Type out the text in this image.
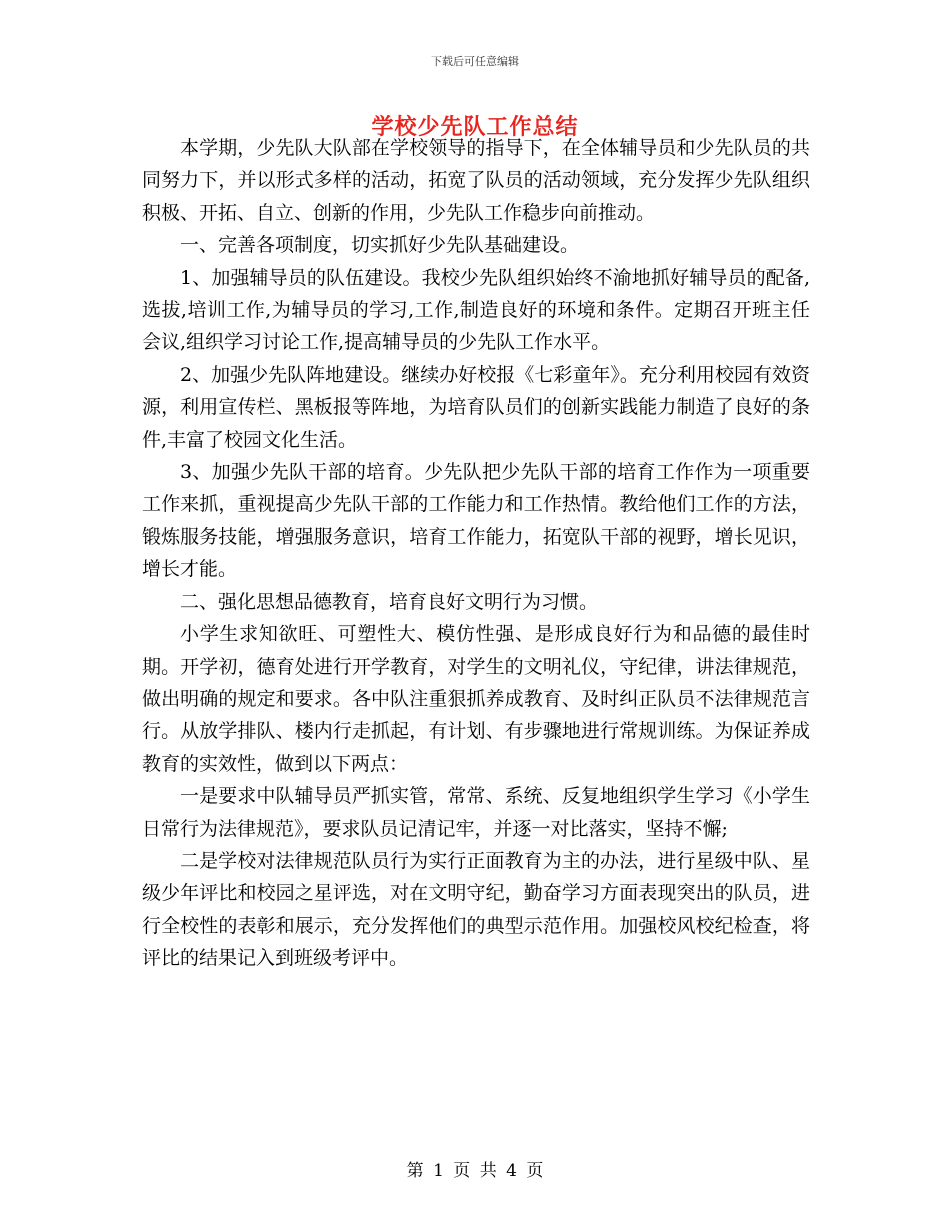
下载后可任意编辑
学校少先队工作总结

本学期，少先队大队部在学校领导的指导下，在全体辅导员和少先队员的共同努力下，并以形式多样的活动，拓宽了队员的活动领域，充分发挥少先队组织积极、开拓、自立、创新的作用，少先队工作稳步向前推动。

一、完善各项制度，切实抓好少先队基础建设。

1、加强辅导员的队伍建设。我校少先队组织始终不渝地抓好辅导员的配备,选拔,培训工作,为辅导员的学习,工作,制造良好的环境和条件。定期召开班主任会议,组织学习讨论工作,提高辅导员的少先队工作水平。

2、加强少先队阵地建设。继续办好校报《七彩童年》。充分利用校园有效资源，利用宣传栏、黑板报等阵地，为培育队员们的创新实践能力制造了良好的条件,丰富了校园文化生活。

3、加强少先队干部的培育。少先队把少先队干部的培育工作作为一项重要工作来抓，重视提高少先队干部的工作能力和工作热情。教给他们工作的方法，锻炼服务技能，增强服务意识，培育工作能力，拓宽队干部的视野，增长见识，增长才能。

二、强化思想品德教育，培育良好文明行为习惯。

小学生求知欲旺、可塑性大、模仿性强、是形成良好行为和品德的最佳时期。开学初，德育处进行开学教育，对学生的文明礼仪，守纪律，讲法律规范，做出明确的规定和要求。各中队注重狠抓养成教育、及时纠正队员不法律规范言行。从放学排队、楼内行走抓起，有计划、有步骤地进行常规训练。为保证养成教育的实效性，做到以下两点：

一是要求中队辅导员严抓实管，常常、系统、反复地组织学生学习《小学生日常行为法律规范》，要求队员记清记牢，并逐一对比落实，坚持不懈;

二是学校对法律规范队员行为实行正面教育为主的办法，进行星级中队、星级少年评比和校园之星评选，对在文明守纪，勤奋学习方面表现突出的队员，进行全校性的表彰和展示，充分发挥他们的典型示范作用。加强校风校纪检查，将评比的结果记入到班级考评中。

第 1 页 共 4 页
